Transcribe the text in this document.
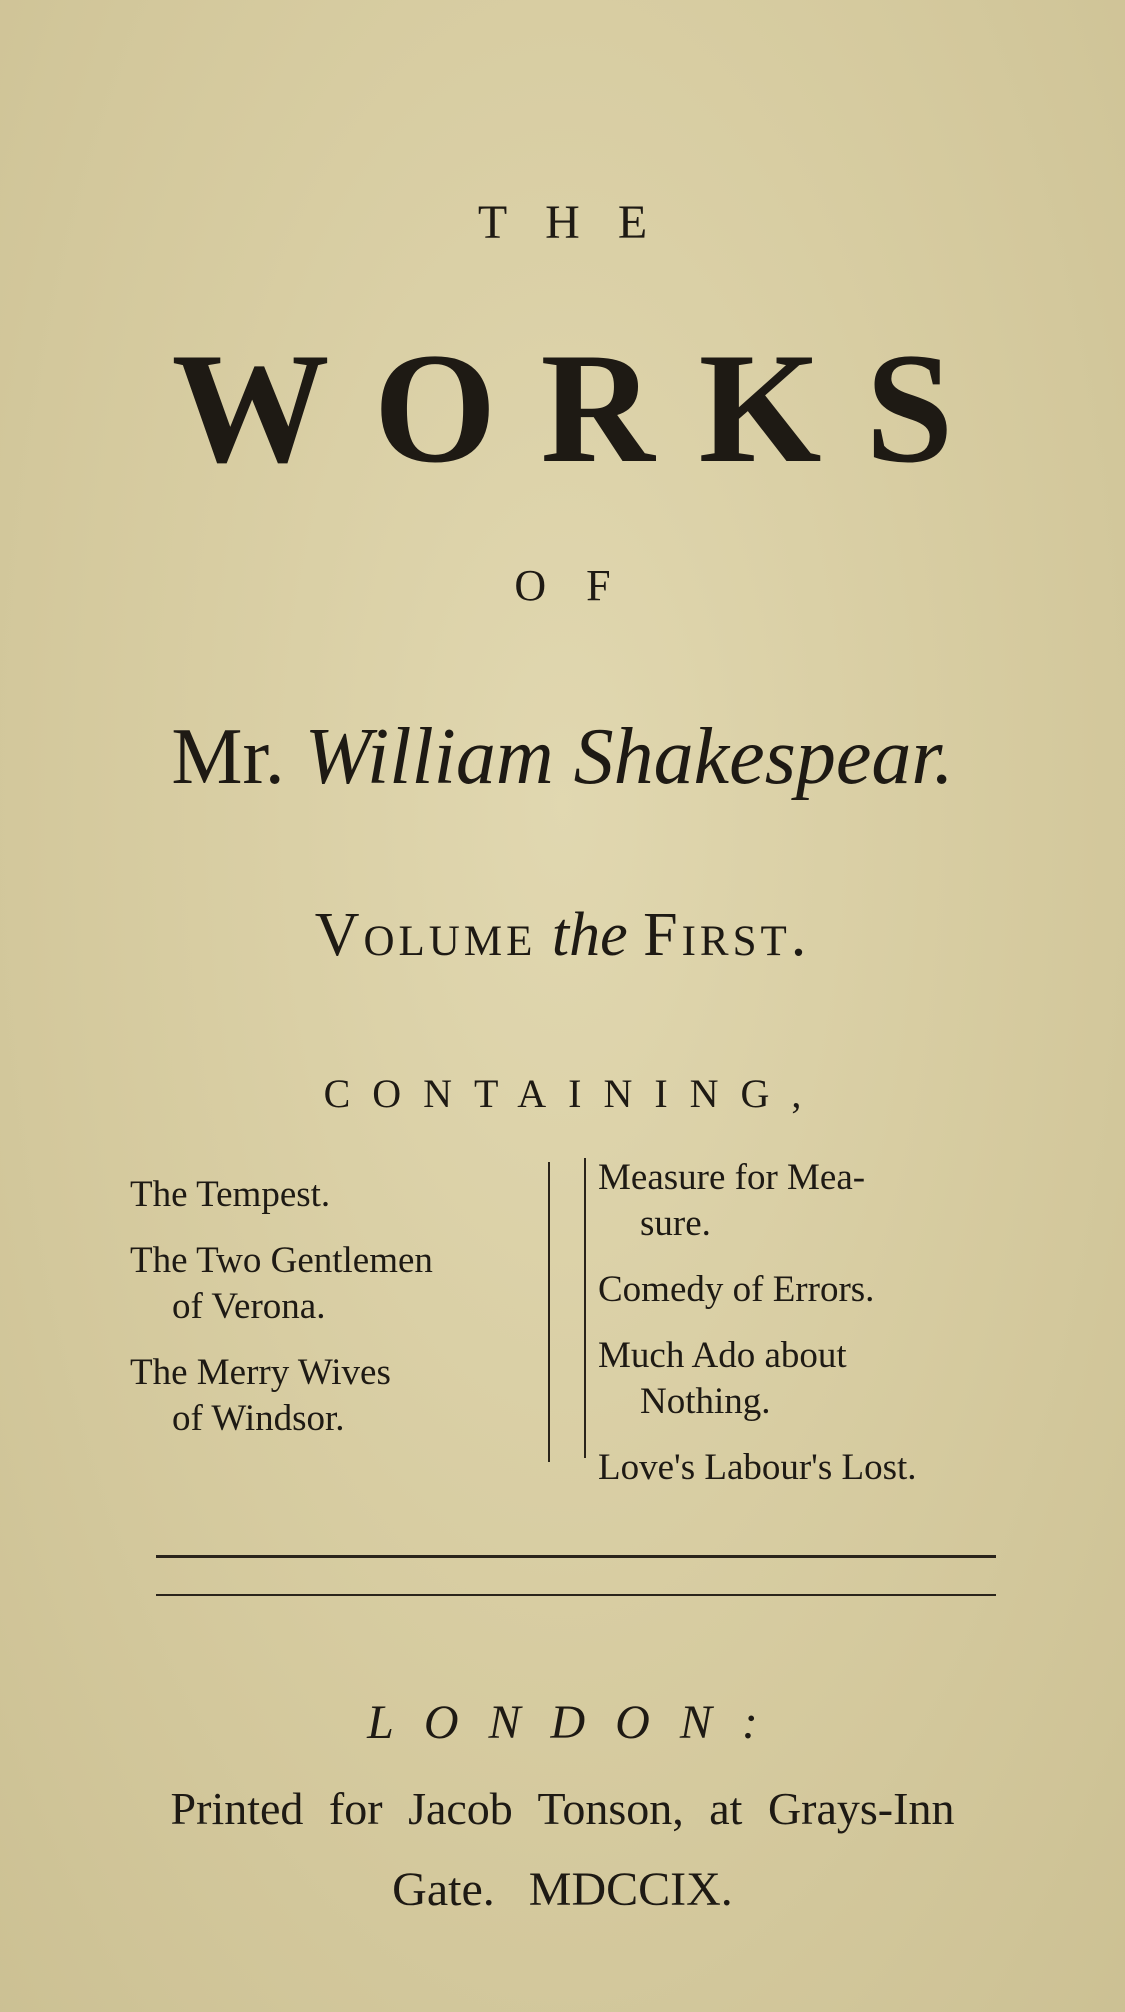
THE
WORKS
OF
Mr. William Shakespear.
Volume the First.
CONTAINING,
The Tempest.
The Two Gentlemen
of Verona.
The Merry Wives
of Windsor.
Measure for Mea-
sure.
Comedy of Errors.
Much Ado about
Nothing.
Love's Labour's Lost.
LONDON:
Printed for Jacob Tonson, at Grays-Inn
Gate. MDCCIX.
